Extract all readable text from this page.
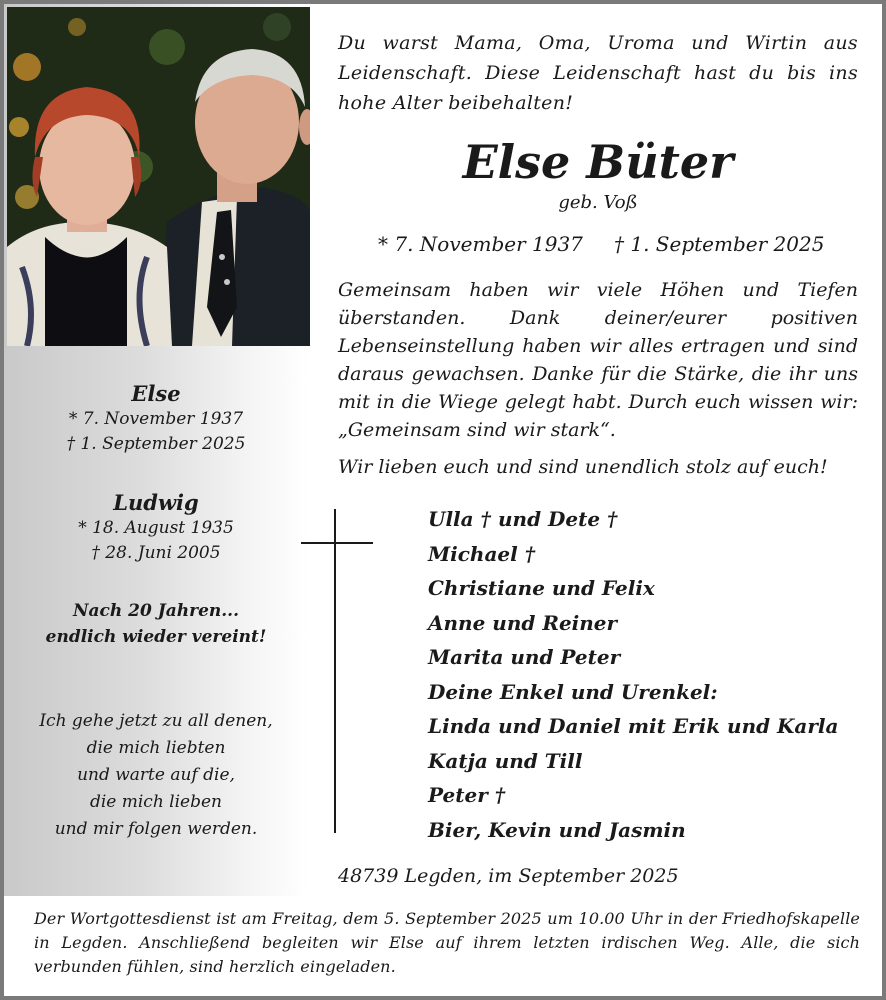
Else
* 7. November 1937
† 1. September 2025
Ludwig
* 18. August 1935
† 28. Juni 2005
Nach 20 Jahren...
endlich wieder vereint!
Ich gehe jetzt zu all denen,
die mich liebten
und warte auf die,
die mich lieben
und mir folgen werden.
Du warst Mama, Oma, Uroma und Wirtin aus Leidenschaft. Diese Leidenschaft hast du bis ins hohe Alter beibehalten!
Else Büter
geb. Voß
* 7. November 1937 † 1. September 2025
Gemeinsam haben wir viele Höhen und Tiefen überstanden. Dank deiner/eurer positiven Lebenseinstellung haben wir alles ertragen und sind daraus gewachsen. Danke für die Stärke, die ihr uns mit in die Wiege gelegt habt. Durch euch wissen wir: „Gemeinsam sind wir stark“.
Wir lieben euch und sind unendlich stolz auf euch!
Ulla † und Dete †
Michael †
Christiane und Felix
Anne und Reiner
Marita und Peter
Deine Enkel und Urenkel:
Linda und Daniel mit Erik und Karla
Katja und Till
Peter †
Bier, Kevin und Jasmin
48739 Legden, im September 2025
Der Wortgottesdienst ist am Freitag, dem 5. September 2025 um 10.00 Uhr in der Friedhofskapelle in Legden. Anschließend begleiten wir Else auf ihrem letzten irdischen Weg. Alle, die sich verbunden fühlen, sind herzlich eingeladen.
